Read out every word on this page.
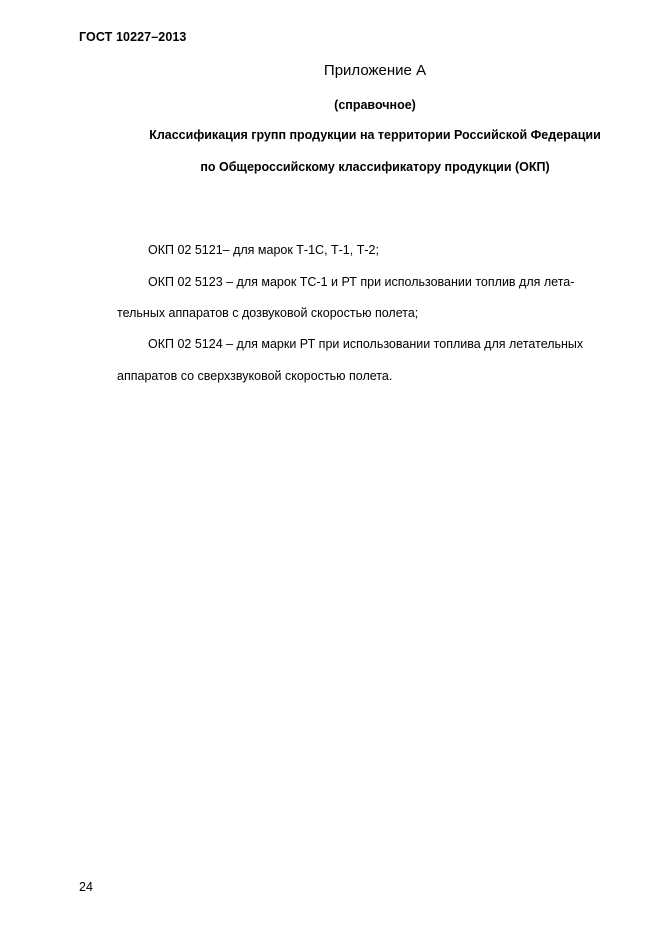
ГОСТ 10227–2013
Приложение А
(справочное)
Классификация групп продукции на территории Российской Федерации
по Общероссийскому классификатору продукции (ОКП)
ОКП 02 5121– для марок Т-1С, Т-1, Т-2;
ОКП 02 5123 – для марок ТС-1 и РТ при использовании топлив для лета-
тельных аппаратов с дозвуковой скоростью полета;
ОКП 02 5124 – для марки РТ при использовании топлива для летательных
аппаратов со сверхзвуковой скоростью полета.
24
